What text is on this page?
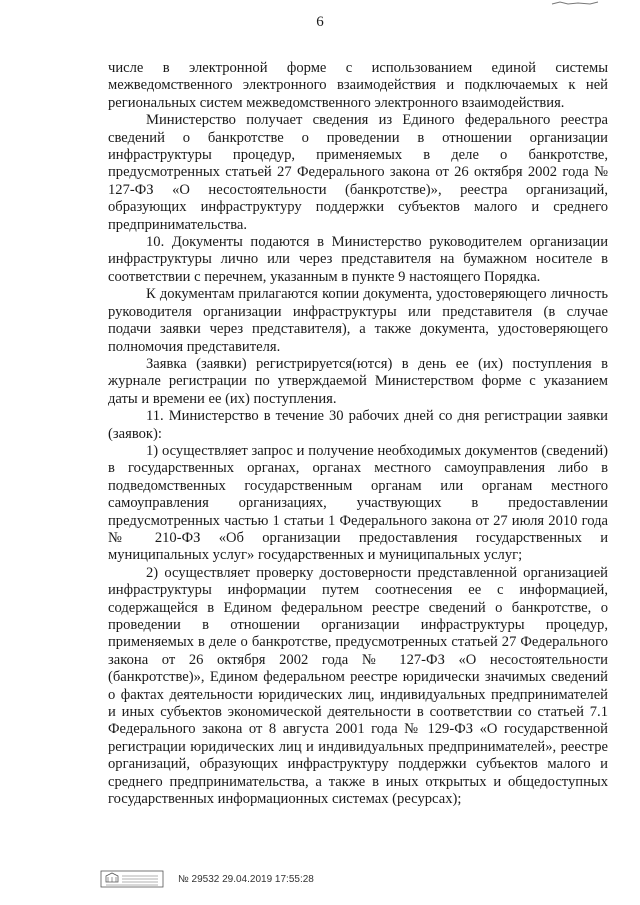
6

числе в электронной форме с использованием единой системы межведомственного электронного взаимодействия и подключаемых к ней региональных систем межведомственного электронного взаимодействия.

Министерство получает сведения из Единого федерального реестра сведений о банкротстве о проведении в отношении организации инфраструктуры процедур, применяемых в деле о банкротстве, предусмотренных статьей 27 Федерального закона от 26 октября 2002 года № 127-ФЗ «О несостоятельности (банкротстве)», реестра организаций, образующих инфраструктуру поддержки субъектов малого и среднего предпринимательства.

10. Документы подаются в Министерство руководителем организации инфраструктуры лично или через представителя на бумажном носителе в соответствии с перечнем, указанным в пункте 9 настоящего Порядка.

К документам прилагаются копии документа, удостоверяющего личность руководителя организации инфраструктуры или представителя (в случае подачи заявки через представителя), а также документа, удостоверяющего полномочия представителя.

Заявка (заявки) регистрируется(ются) в день ее (их) поступления в журнале регистрации по утверждаемой Министерством форме с указанием даты и времени ее (их) поступления.

11. Министерство в течение 30 рабочих дней со дня регистрации заявки (заявок):

1) осуществляет запрос и получение необходимых документов (сведений) в государственных органах, органах местного самоуправления либо в подведомственных государственным органам или органам местного самоуправления организациях, участвующих в предоставлении предусмотренных частью 1 статьи 1 Федерального закона от 27 июля 2010 года № 210-ФЗ «Об организации предоставления государственных и муниципальных услуг» государственных и муниципальных услуг;

2) осуществляет проверку достоверности представленной организацией инфраструктуры информации путем соотнесения ее с информацией, содержащейся в Едином федеральном реестре сведений о банкротстве, о проведении в отношении организации инфраструктуры процедур, применяемых в деле о банкротстве, предусмотренных статьей 27 Федерального закона от 26 октября 2002 года № 127-ФЗ «О несостоятельности (банкротстве)», Едином федеральном реестре юридически значимых сведений о фактах деятельности юридических лиц, индивидуальных предпринимателей и иных субъектов экономической деятельности в соответствии со статьей 7.1 Федерального закона от 8 августа 2001 года № 129-ФЗ «О государственной регистрации юридических лиц и индивидуальных предпринимателей», реестре организаций, образующих инфраструктуру поддержки субъектов малого и среднего предпринимательства, а также в иных открытых и общедоступных государственных информационных системах (ресурсах);

№ 29532 29.04.2019 17:55:28
